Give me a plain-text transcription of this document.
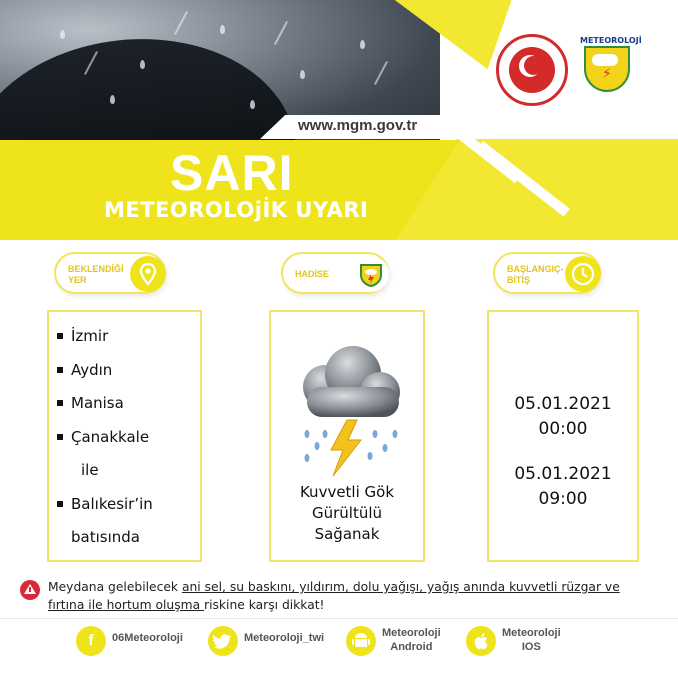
METEOROLOJİ
⚡
www.mgm.gov.tr
SARI
METEOROLOjİK UYARI
BEKLENDİĞİ YER
HADİSE	BAŞLANGIÇ- BİTİŞ
İzmir
Aydın
Manisa
Çanakkale
ile
Balıkesir’in
batısında
Kuvvetli Gök
Gürültülü
Sağanak
05.01.2021
00:00
05.01.2021
09:00

Meydana gelebilecek ani sel, su baskını, yıldırım, dolu yağışı, yağış anında kuvvetli rüzgar ve fırtına ile hortum oluşma riskine karşı dikkat!

f	06Meteoroloji	Meteoroloji_twi	Meteoroloji
Android
Meteoroloji
IOS
